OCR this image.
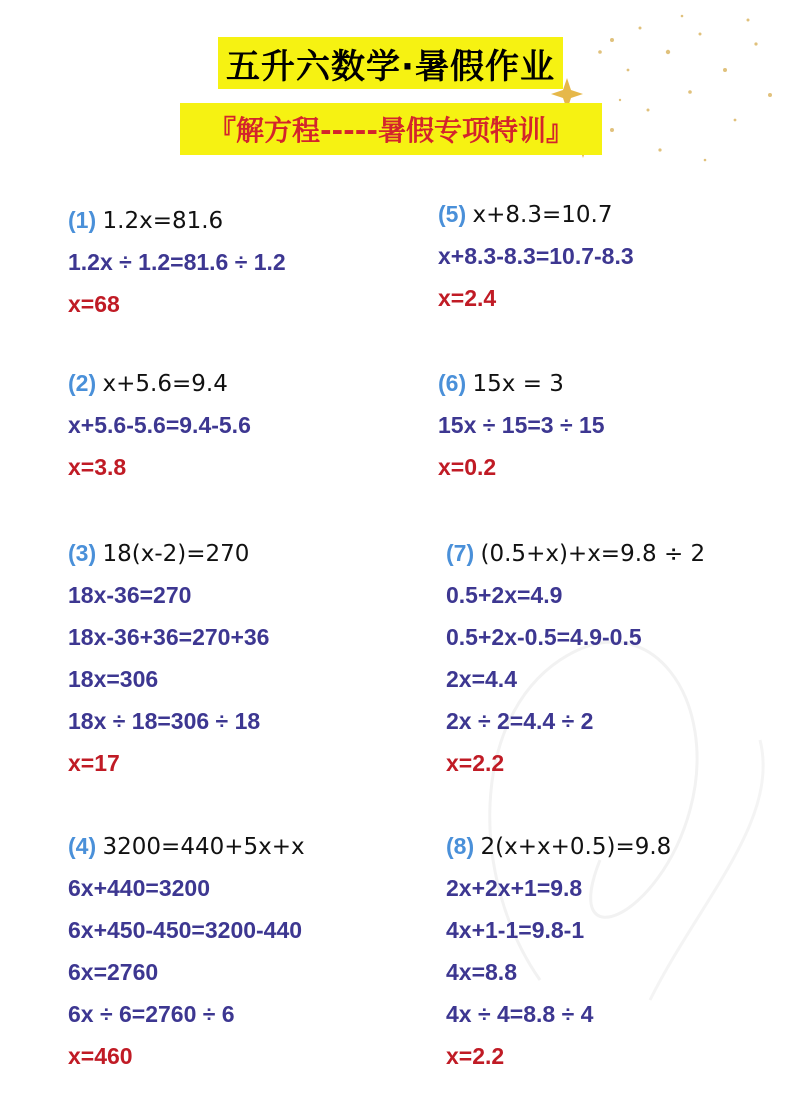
五升六数学·暑假作业
『解方程-----暑假专项特训』
(1) 1.2x=81.6
1.2x ÷ 1.2=81.6 ÷ 1.2
x=68
(2) x+5.6=9.4
x+5.6-5.6=9.4-5.6
x=3.8
(3) 18(x-2)=270
18x-36=270
18x-36+36=270+36
18x=306
18x ÷ 18=306 ÷ 18
x=17
(4) 3200=440+5x+x
6x+440=3200
6x+450-450=3200-440
6x=2760
6x ÷ 6=2760 ÷ 6
x=460
(5) x+8.3=10.7
x+8.3-8.3=10.7-8.3
x=2.4
(6) 15x = 3
15x ÷ 15=3 ÷ 15
x=0.2
(7) (0.5+x)+x=9.8 ÷ 2
0.5+2x=4.9
0.5+2x-0.5=4.9-0.5
2x=4.4
2x ÷ 2=4.4 ÷ 2
x=2.2
(8) 2(x+x+0.5)=9.8
2x+2x+1=9.8
4x+1-1=9.8-1
4x=8.8
4x ÷ 4=8.8 ÷ 4
x=2.2
